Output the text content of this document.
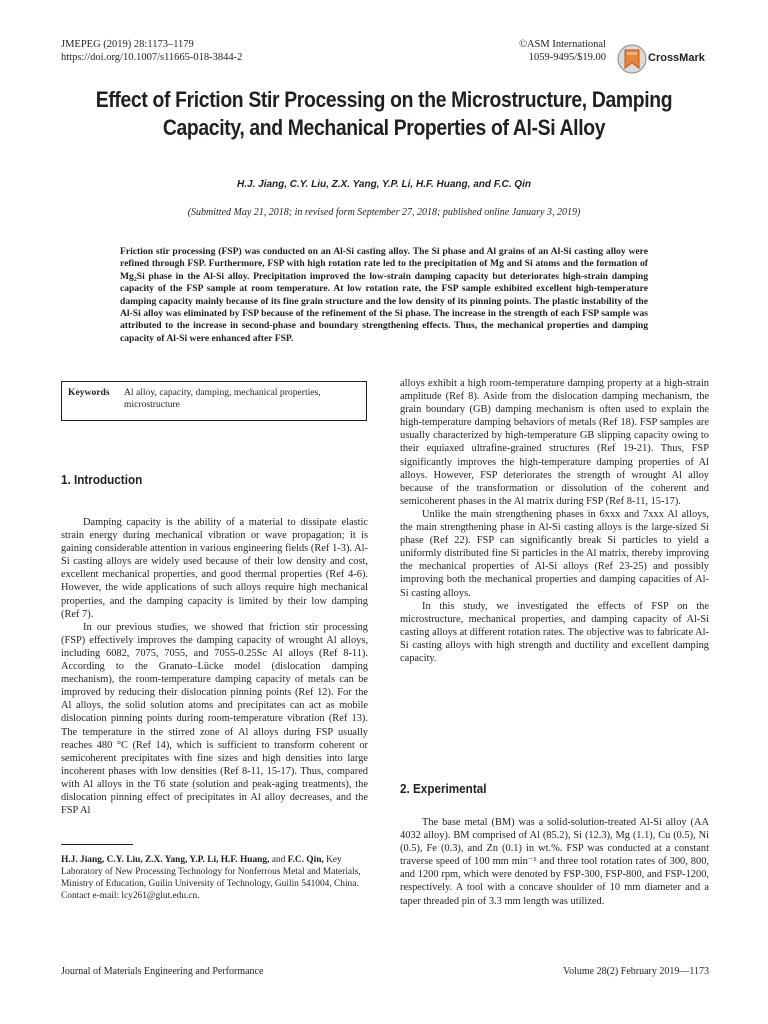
JMEPEG (2019) 28:1173–1179
https://doi.org/10.1007/s11665-018-3844-2
©ASM International
1059-9495/$19.00	CrossMark
Effect of Friction Stir Processing on the Microstructure, Damping Capacity, and Mechanical Properties of Al-Si Alloy
H.J. Jiang, C.Y. Liu, Z.X. Yang, Y.P. Li, H.F. Huang, and F.C. Qin
(Submitted May 21, 2018; in revised form September 27, 2018; published online January 3, 2019)
Friction stir processing (FSP) was conducted on an Al-Si casting alloy. The Si phase and Al grains of an Al-Si casting alloy were refined through FSP. Furthermore, FSP with high rotation rate led to the precipitation of Mg and Si atoms and the formation of Mg₂Si phase in the Al-Si alloy. Precipitation improved the low-strain damping capacity but deteriorates high-strain damping capacity of the FSP sample at room temperature. At low rotation rate, the FSP sample exhibited excellent high-temperature damping capacity mainly because of its fine grain structure and the low density of its pinning points. The plastic instability of the Al-Si alloy was eliminated by FSP because of the refinement of the Si phase. The increase in the strength of each FSP sample was attributed to the increase in second-phase and boundary strengthening effects. Thus, the mechanical properties and damping capacity of Al-Si were enhanced after FSP.
Keywords Al alloy, capacity, damping, mechanical properties, microstructure
1. Introduction

Damping capacity is the ability of a material to dissipate elastic strain energy during mechanical vibration or wave propagation; it is gaining considerable attention in various engineering fields (Ref 1-3). Al-Si casting alloys are widely used because of their low density and cost, excellent mechanical properties, and good thermal properties (Ref 4-6). However, the wide applications of such alloys require high mechanical properties, and the damping capacity is limited by their low damping (Ref 7).

In our previous studies, we showed that friction stir processing (FSP) effectively improves the damping capacity of wrought Al alloys, including 6082, 7075, 7055, and 7055-0.25Sc Al alloys (Ref 8-11). According to the Granato–Lücke model (dislocation damping mechanism), the room-temperature damping capacity of metals can be improved by reducing their dislocation pinning points (Ref 12). For the Al alloys, the solid solution atoms and precipitates can act as mobile dislocation pinning points during room-temperature vibration (Ref 13). The temperature in the stirred zone of Al alloys during FSP usually reaches 480 °C (Ref 14), which is sufficient to transform coherent or semicoherent precipitates with fine sizes and high densities into large incoherent phases with low densities (Ref 8-11, 15-17). Thus, compared with Al alloys in the T6 state (solution and peak-aging treatments), the dislocation pinning effect of precipitates in Al alloy decreases, and the FSP Al

alloys exhibit a high room-temperature damping property at a high-strain amplitude (Ref 8). Aside from the dislocation damping mechanism, the grain boundary (GB) damping mechanism is often used to explain the high-temperature damping behaviors of metals (Ref 18). FSP samples are usually characterized by high-temperature GB slipping capacity owing to their equiaxed ultrafine-grained structures (Ref 19-21). Thus, FSP significantly improves the high-temperature damping properties of Al alloys. However, FSP deteriorates the strength of wrought Al alloy because of the transformation or dissolution of the coherent and semicoherent phases in the Al matrix during FSP (Ref 8-11, 15-17).

Unlike the main strengthening phases in 6xxx and 7xxx Al alloys, the main strengthening phase in Al-Si casting alloys is the large-sized Si phase (Ref 22). FSP can significantly break Si particles to yield a uniformly distributed fine Si particles in the Al matrix, thereby improving the mechanical properties of Al-Si alloys (Ref 23-25) and possibly improving both the mechanical properties and damping capacities of Al-Si casting alloys.

In this study, we investigated the effects of FSP on the microstructure, mechanical properties, and damping capacity of Al-Si casting alloys at different rotation rates. The objective was to fabricate Al-Si casting alloys with high strength and ductility and excellent damping capacity.

2. Experimental

The base metal (BM) was a solid-solution-treated Al-Si alloy (AA 4032 alloy). BM comprised of Al (85.2), Si (12.3), Mg (1.1), Cu (0.5), Ni (0.5), Fe (0.3), and Zn (0.1) in wt.%. FSP was conducted at a constant traverse speed of 100 mm min⁻¹ and three tool rotation rates of 300, 800, and 1200 rpm, which were denoted by FSP-300, FSP-800, and FSP-1200, respectively. A tool with a concave shoulder of 10 mm diameter and a taper threaded pin of 3.3 mm length was utilized.

H.J. Jiang, C.Y. Liu, Z.X. Yang, Y.P. Li, H.F. Huang, and F.C. Qin, Key Laboratory of New Processing Technology for Nonferrous Metal and Materials, Ministry of Education, Guilin University of Technology, Guilin 541004, China. Contact e-mail: lcy261@glut.edu.cn.
Journal of Materials Engineering and Performance	Volume 28(2) February 2019—1173
